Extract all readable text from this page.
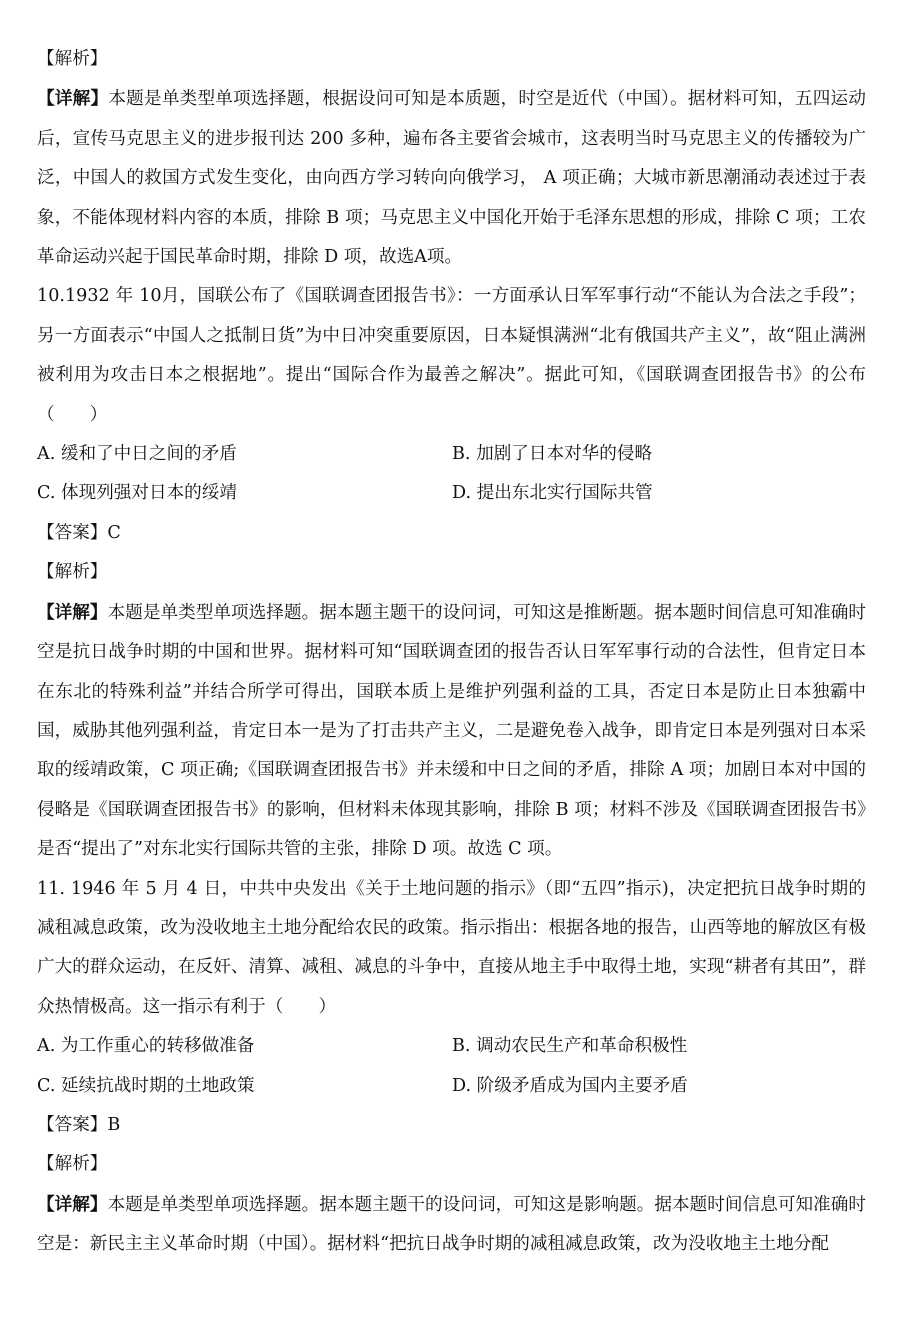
【解析】

【详解】本题是单类型单项选择题，根据设问可知是本质题，时空是近代（中国）。据材料可知，五四运动后，宣传马克思主义的进步报刊达 200 多种，遍布各主要省会城市，这表明当时马克思主义的传播较为广泛，中国人的救国方式发生变化，由向西方学习转向向俄学习， A 项正确；大城市新思潮涌动表述过于表象，不能体现材料内容的本质，排除 B 项；马克思主义中国化开始于毛泽东思想的形成，排除 C 项；工农革命运动兴起于国民革命时期，排除 D 项，故选A项。

10.1932 年 10月，国联公布了《国联调查团报告书》：一方面承认日军军事行动“不能认为合法之手段”；另一方面表示“中国人之抵制日货”为中日冲突重要原因，日本疑惧满洲“北有俄国共产主义”，故“阻止满洲被利用为攻击日本之根据地”。提出“国际合作为最善之解决”。据此可知，《国联调查团报告书》的公布（　　）

A. 缓和了中日之间的矛盾	B. 加剧了日本对华的侵略
C. 体现列强对日本的绥靖	D. 提出东北实行国际共管

【答案】C

【解析】

【详解】本题是单类型单项选择题。据本题主题干的设问词，可知这是推断题。据本题时间信息可知准确时空是抗日战争时期的中国和世界。据材料可知“国联调查团的报告否认日军军事行动的合法性，但肯定日本在东北的特殊利益”并结合所学可得出，国联本质上是维护列强利益的工具，否定日本是防止日本独霸中国，威胁其他列强利益，肯定日本一是为了打击共产主义，二是避免卷入战争，即肯定日本是列强对日本采取的绥靖政策，C 项正确;《国联调查团报告书》并未缓和中日之间的矛盾，排除 A 项；加剧日本对中国的侵略是《国联调查团报告书》的影响，但材料未体现其影响，排除 B 项；材料不涉及《国联调查团报告书》是否“提出了”对东北实行国际共管的主张，排除 D 项。故选 C 项。

11. 1946 年 5 月 4 日，中共中央发出《关于土地问题的指示》（即“五四”指示)，决定把抗日战争时期的减租减息政策，改为没收地主土地分配给农民的政策。指示指出：根据各地的报告，山西等地的解放区有极广大的群众运动，在反奸、清算、减租、减息的斗争中，直接从地主手中取得土地，实现“耕者有其田”，群众热情极高。这一指示有利于（　　）

A. 为工作重心的转移做准备	B. 调动农民生产和革命积极性
C. 延续抗战时期的土地政策	D. 阶级矛盾成为国内主要矛盾

【答案】B

【解析】

【详解】本题是单类型单项选择题。据本题主题干的设问词，可知这是影响题。据本题时间信息可知准确时空是：新民主主义革命时期（中国）。据材料“把抗日战争时期的减租减息政策，改为没收地主土地分配
